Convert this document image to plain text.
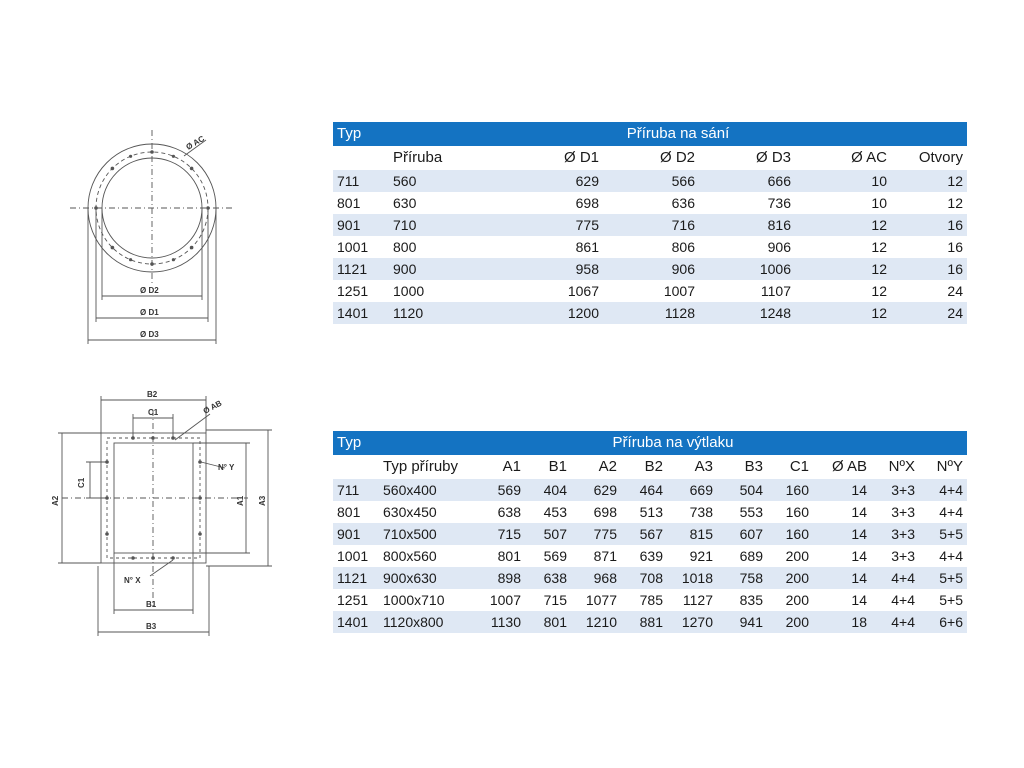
Ø AC
Ø D2
Ø D1
Ø D3
B2
C1	Ø AB
N° Y
C1
A2	A1 A3
N° X
B1
B3
Typ	Příruba na sání					
	Příruba	Ø D1	Ø D2	Ø D3	Ø AC	Otvory
711	560	629	566	666	10	12
801	630	698	636	736	10	12
901	710	775	716	816	12	16
1001	800	861	806	906	12	16
1121	900	958	906	1006	12	16
1251	1000	1067	1007	1107	12	24
1401	1120	1200	1128	1248	12	24
Typ	Příruba na výtlaku										
	Typ příruby	A1	B1	A2	B2	A3	B3	C1	Ø AB	NºX	NºY
711	560x400	569	404	629	464	669	504	160	14	3+3	4+4
801	630x450	638	453	698	513	738	553	160	14	3+3	4+4
901	710x500	715	507	775	567	815	607	160	14	3+3	5+5
1001	800x560	801	569	871	639	921	689	200	14	3+3	4+4
1121	900x630	898	638	968	708	1018	758	200	14	4+4	5+5
1251	1000x710	1007	715	1077	785	1127	835	200	14	4+4	5+5
1401	1120x800	1130	801	1210	881	1270	941	200	18	4+4	6+6
